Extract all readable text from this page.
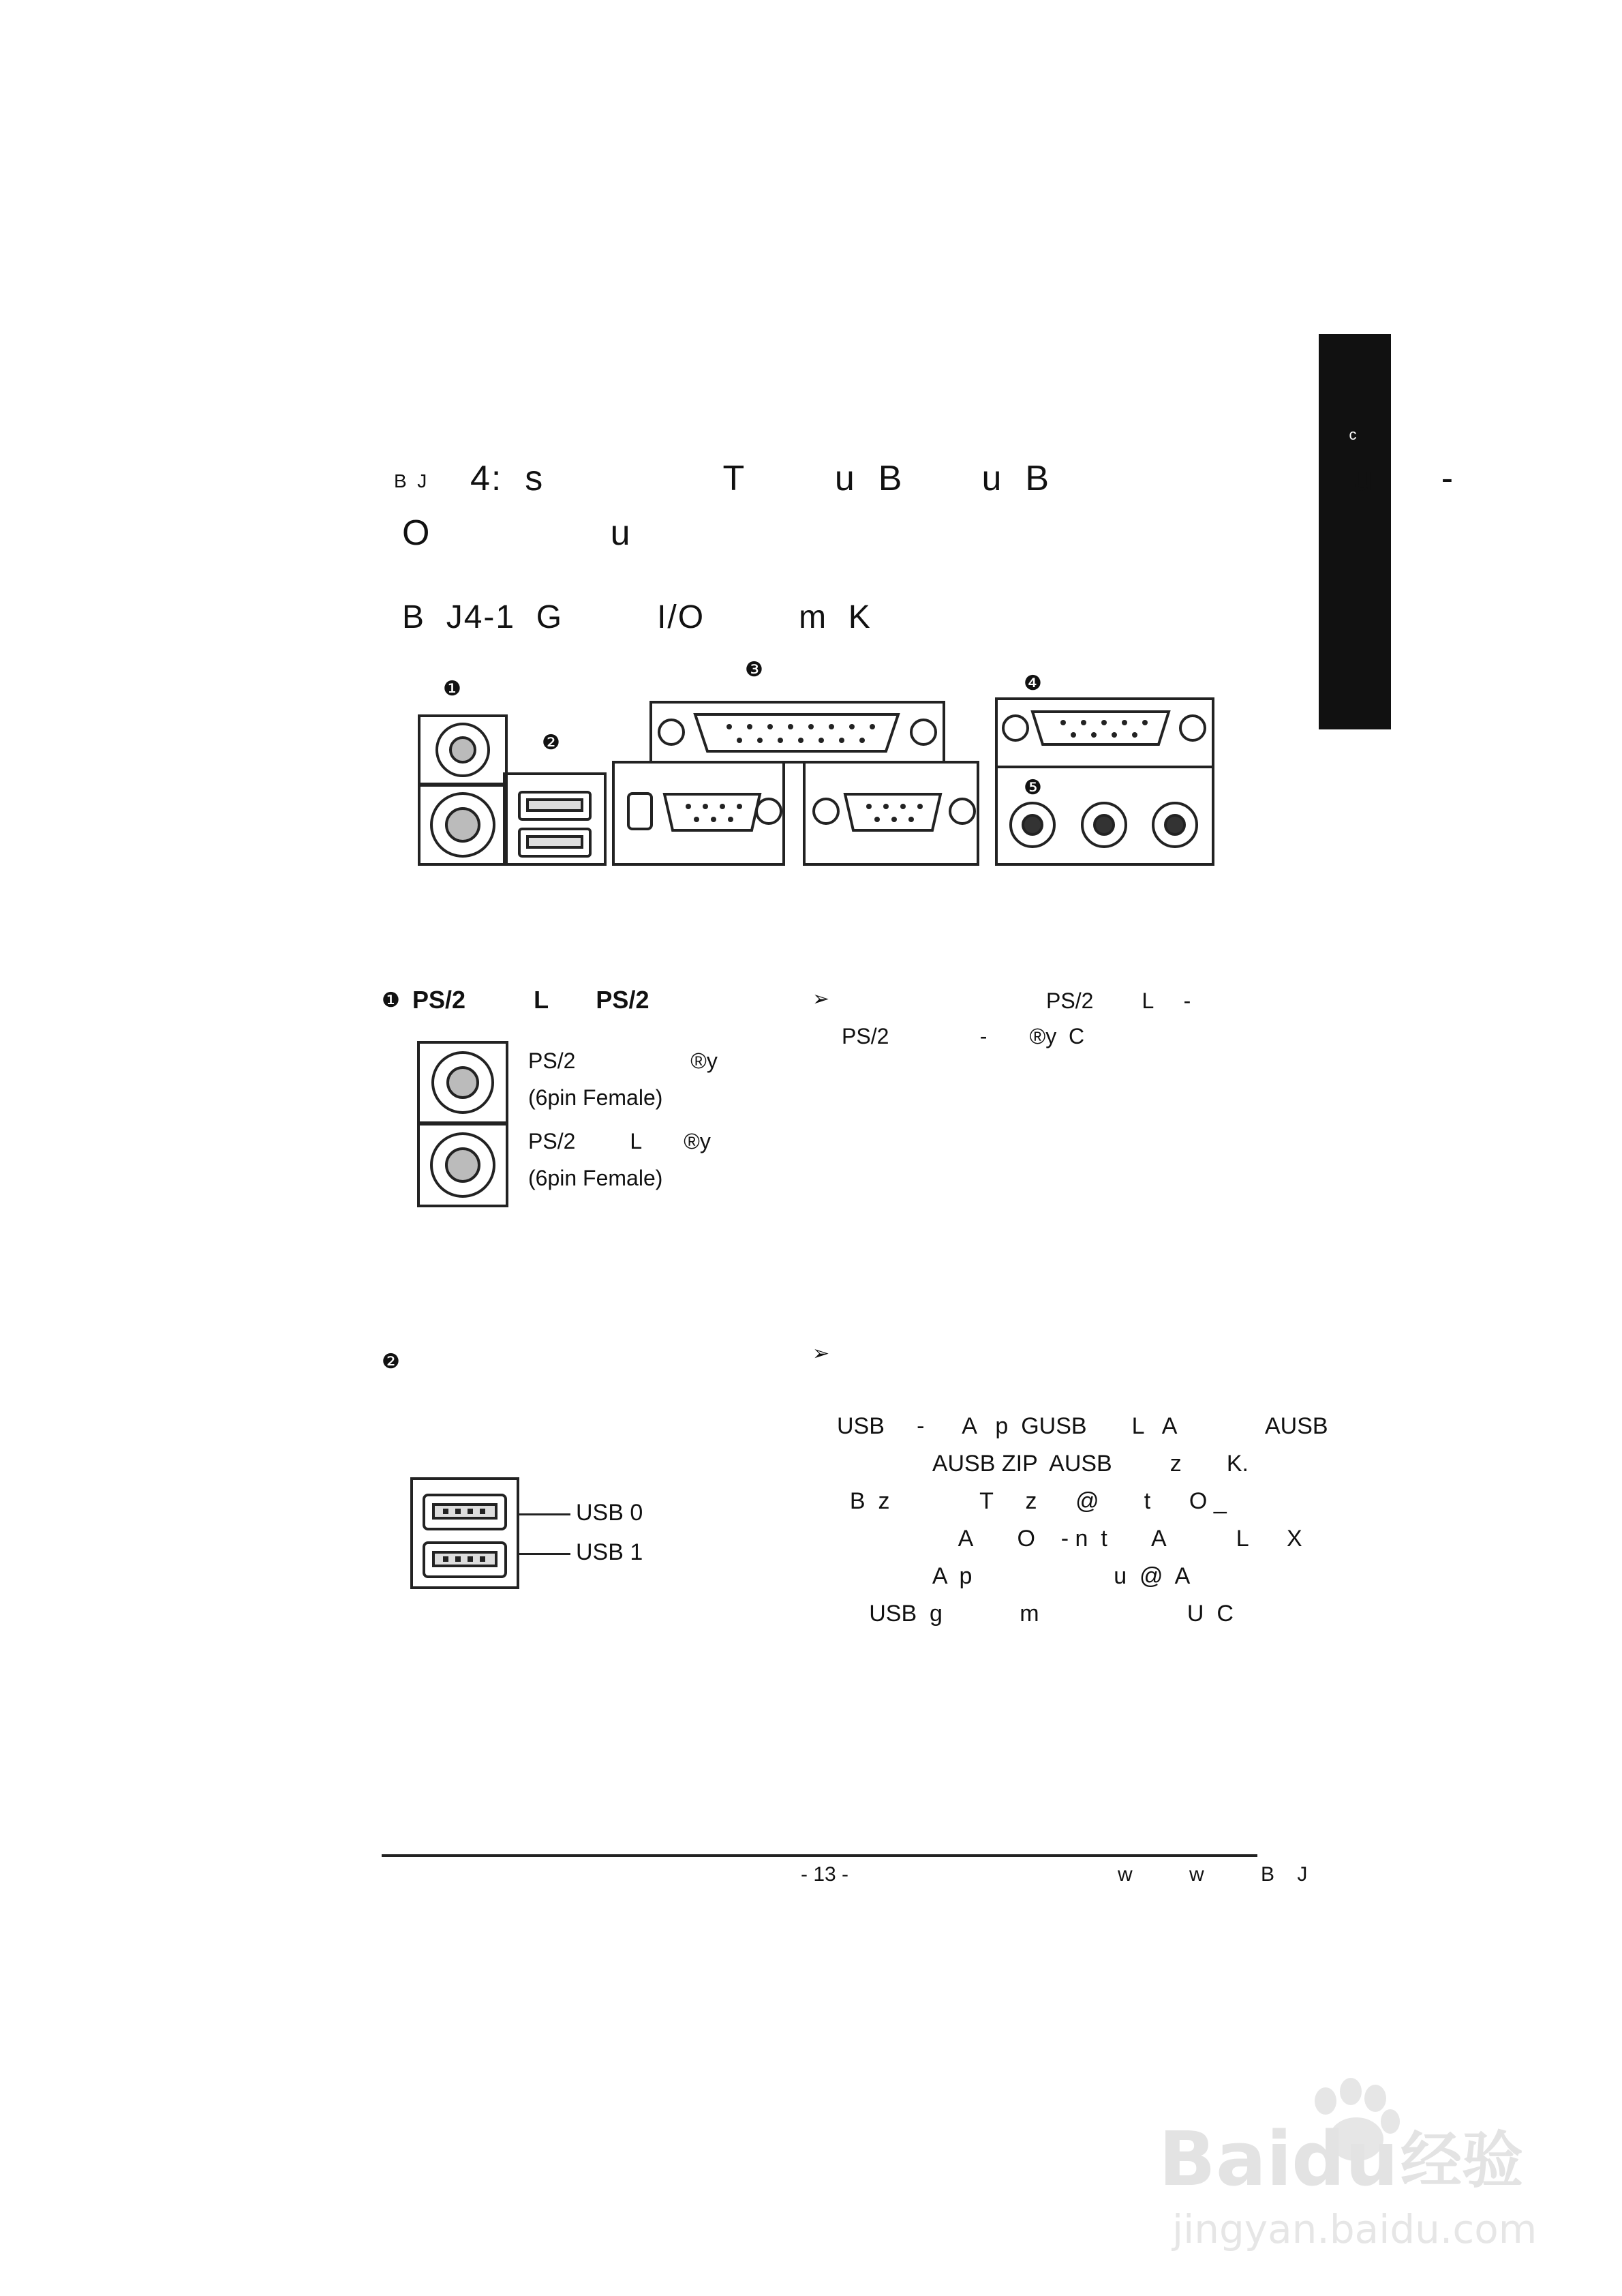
c
B  J 4:  s                T        u  B       u  B                           u      -
O                u
B  J4-1  G         I/O         m  K
❶
❷
❸
❹
❺
❶ PS/2          L       PS/2
PS/2                   ®y
(6pin Female)
PS/2         L       ®y
(6pin Female)
➢	PS/2        L     -
PS/2               -       ®y  C
❷	➢
USB 0
USB 1
USB     -      A   p  GUSB       L   A              AUSB
AUSB ZIP  AUSB         z       K.
B  z              T     z      @       t      O _
A       O    - n  t       A           L      X
A  p                      u  @  A
USB  g            m                       U  C
- 13 -	w          w          B    J
Bai du 经验
jingyan.baidu.com
